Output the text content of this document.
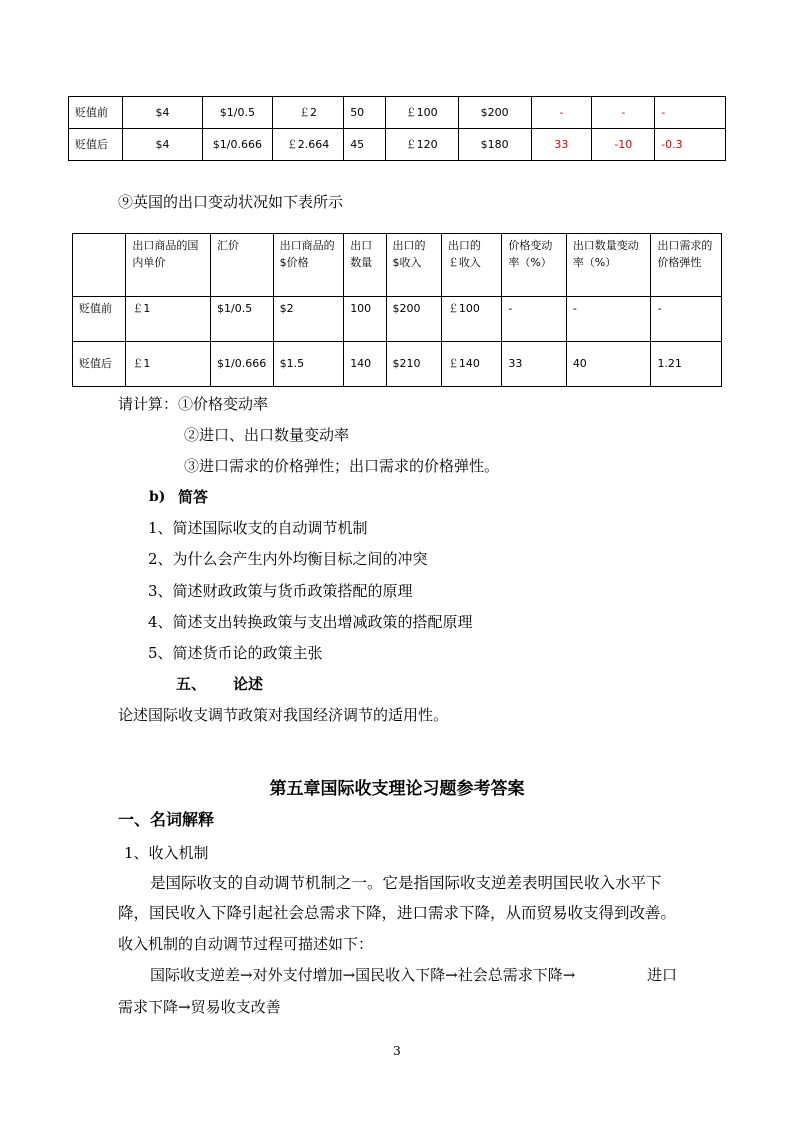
贬值前	$4	$1/0.5	￡2	50	￡100	$200	-	-	-
贬值后	$4	$1/0.666	￡2.664	45	￡120	$180	33	-10	-0.3
⑨英国的出口变动状况如下表所示
	出口商品的国内单价	汇价	出口商品的$价格	出口数量	出口的$收入	出口的￡收入	价格变动率（%）	出口数量变动率（%）	出口需求的价格弹性
贬值前	￡1	$1/0.5	$2	100	$200	￡100	-	-	-
贬值后	￡1	$1/0.666	$1.5	140	$210	￡140	33	40	1.21
请计算：①价格变动率
②进口、出口数量变动率
③进口需求的价格弹性；出口需求的价格弹性。
b) 简答
1、简述国际收支的自动调节机制
2、为什么会产生内外均衡目标之间的冲突
3、简述财政政策与货币政策搭配的原理
4、简述支出转换政策与支出增减政策的搭配原理
5、简述货币论的政策主张
五、 论述
论述国际收支调节政策对我国经济调节的适用性。
第五章国际收支理论习题参考答案
一、名词解释
1、收入机制
是国际收支的自动调节机制之一。它是指国际收支逆差表明国民收入水平下
降，国民收入下降引起社会总需求下降，进口需求下降，从而贸易收支得到改善。
收入机制的自动调节过程可描述如下：
国际收支逆差→对外支付增加→国民收入下降→社会总需求下降→	进口
需求下降→贸易收支改善
3
